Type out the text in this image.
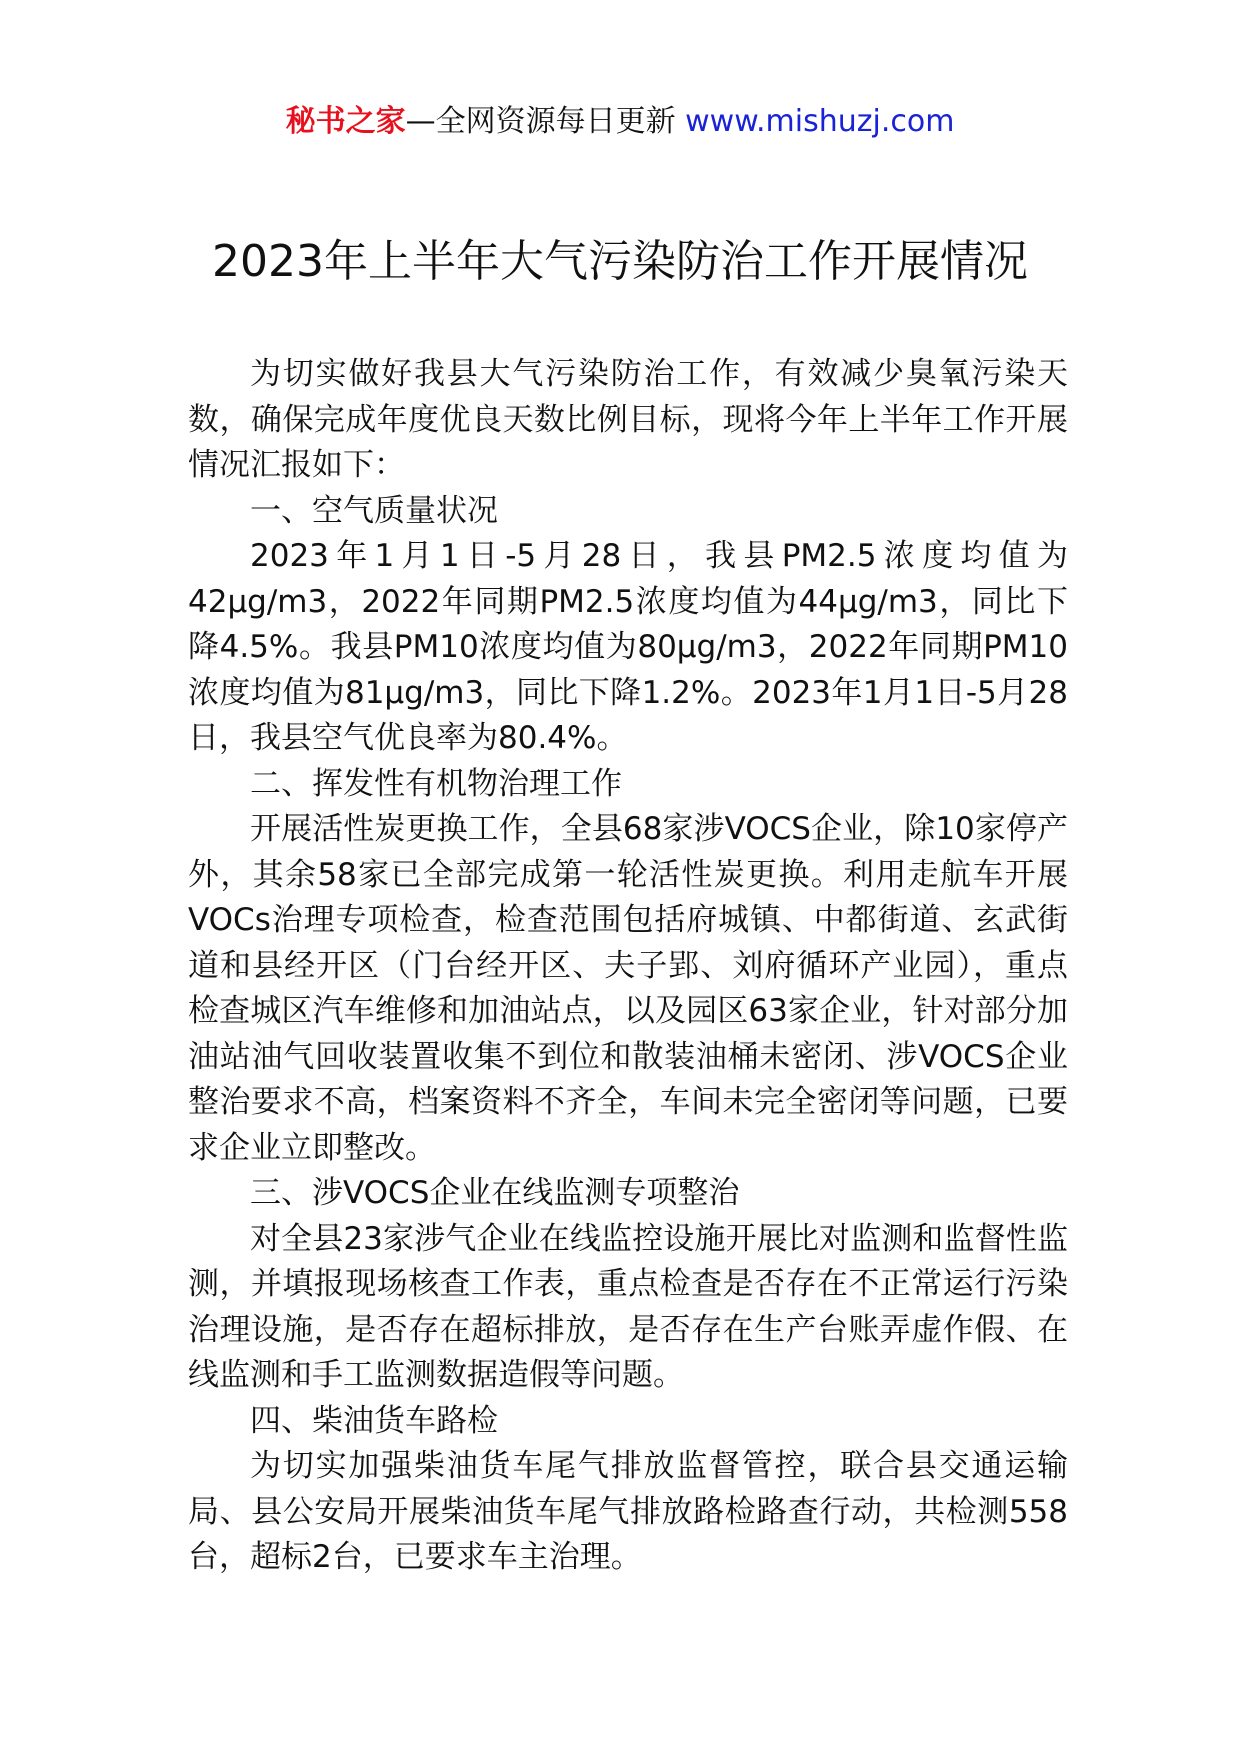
秘书之家—全网资源每日更新 www.mishuzj.com
2023年上半年大气污染防治工作开展情况

为切实做好我县大气污染防治工作，有效减少臭氧污染天数，确保完成年度优良天数比例目标，现将今年上半年工作开展情况汇报如下：

一、空气质量状况

2023年1月1日-5月28日，我县PM2.5浓度均值为42μg/m3，2022年同期PM2.5浓度均值为44μg/m3，同比下降4.5%。我县PM10浓度均值为80μg/m3，2022年同期PM10浓度均值为81μg/m3，同比下降1.2%。2023年1月1日-5月28日，我县空气优良率为80.4%。

二、挥发性有机物治理工作

开展活性炭更换工作，全县68家涉VOCS企业，除10家停产外，其余58家已全部完成第一轮活性炭更换。利用走航车开展VOCs治理专项检查，检查范围包括府城镇、中都街道、玄武街道和县经开区（门台经开区、夫子郢、刘府循环产业园），重点检查城区汽车维修和加油站点，以及园区63家企业，针对部分加油站油气回收装置收集不到位和散装油桶未密闭、涉VOCS企业整治要求不高，档案资料不齐全，车间未完全密闭等问题，已要求企业立即整改。

三、涉VOCS企业在线监测专项整治

对全县23家涉气企业在线监控设施开展比对监测和监督性监测，并填报现场核查工作表，重点检查是否存在不正常运行污染治理设施，是否存在超标排放，是否存在生产台账弄虚作假、在线监测和手工监测数据造假等问题。

四、柴油货车路检

为切实加强柴油货车尾气排放监督管控，联合县交通运输局、县公安局开展柴油货车尾气排放路检路查行动，共检测558台，超标2台，已要求车主治理。
